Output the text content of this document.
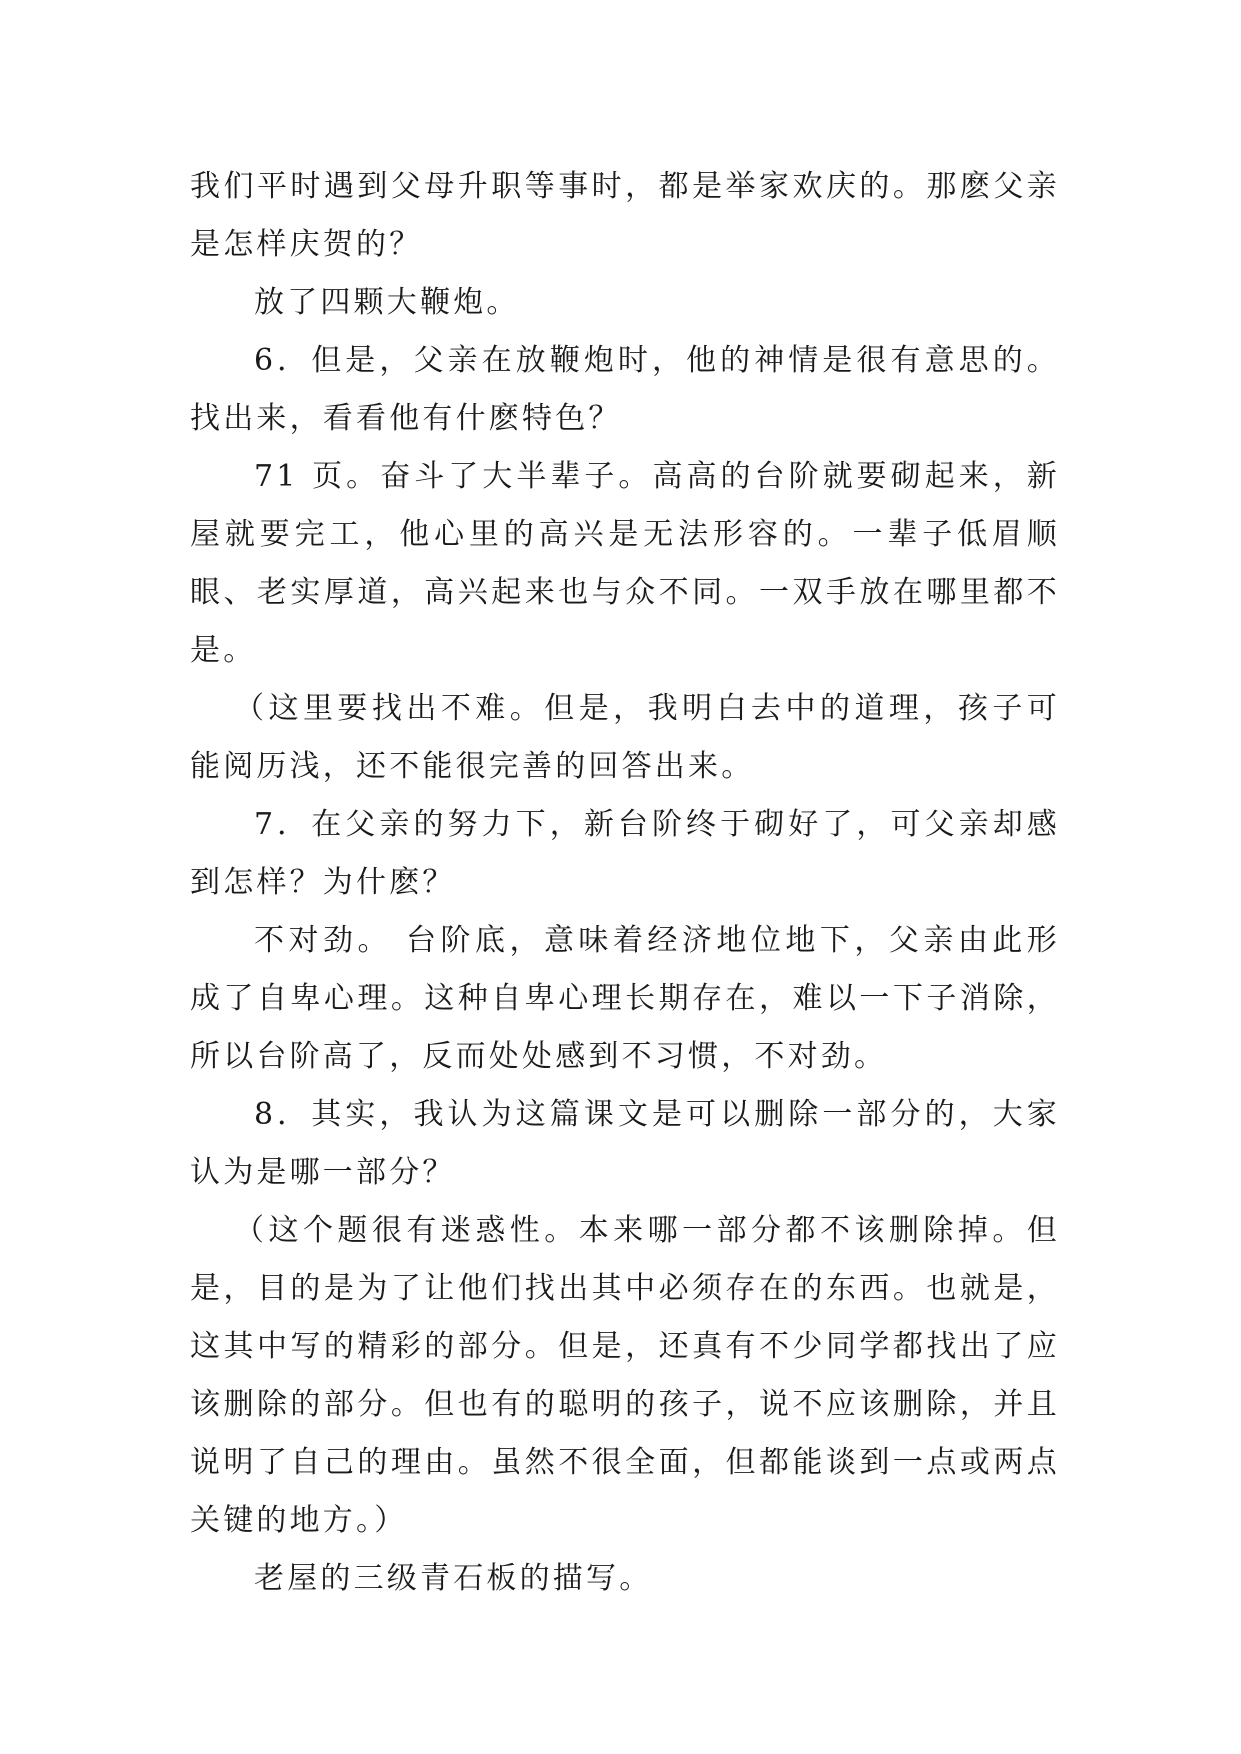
我们平时遇到父母升职等事时，都是举家欢庆的。那麽父亲是怎样庆贺的？

放了四颗大鞭炮。

6．但是，父亲在放鞭炮时，他的神情是很有意思的。找出来，看看他有什麽特色？

71 页。奋斗了大半辈子。高高的台阶就要砌起来，新屋就要完工，他心里的高兴是无法形容的。一辈子低眉顺眼、老实厚道，高兴起来也与众不同。一双手放在哪里都不是。

（这里要找出不难。但是，我明白去中的道理，孩子可能阅历浅，还不能很完善的回答出来。

7．在父亲的努力下，新台阶终于砌好了，可父亲却感到怎样？为什麽？

不对劲。 台阶底，意味着经济地位地下，父亲由此形成了自卑心理。这种自卑心理长期存在，难以一下子消除，所以台阶高了，反而处处感到不习惯，不对劲。

8．其实，我认为这篇课文是可以删除一部分的，大家认为是哪一部分？

（这个题很有迷惑性。本来哪一部分都不该删除掉。但是，目的是为了让他们找出其中必须存在的东西。也就是，这其中写的精彩的部分。但是，还真有不少同学都找出了应该删除的部分。但也有的聪明的孩子，说不应该删除，并且说明了自己的理由。虽然不很全面，但都能谈到一点或两点关键的地方。）

老屋的三级青石板的描写。
